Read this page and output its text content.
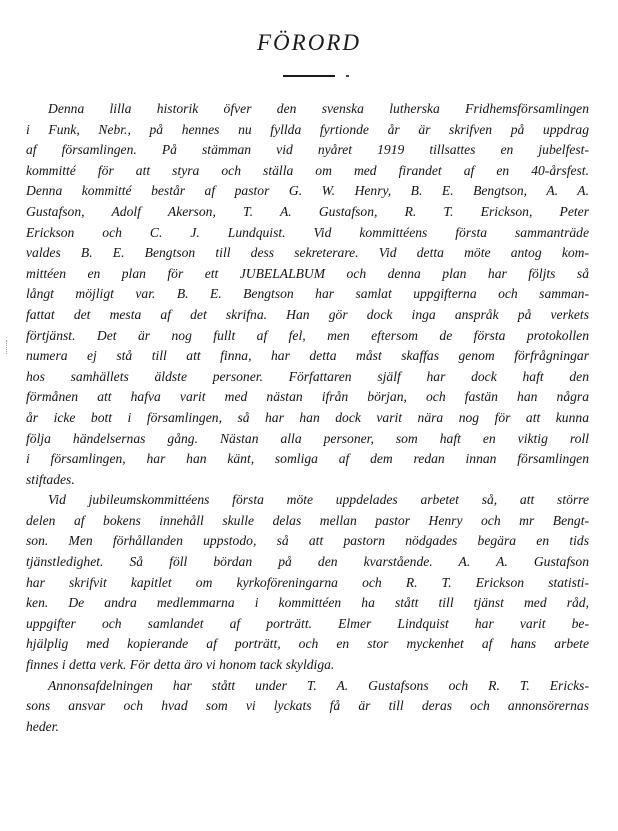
FÖRORD
Denna lilla historik öfver den svenska lutherska Fridhemsförsamlingen
i Funk, Nebr., på hennes nu fyllda fyrtionde år är skrifven på uppdrag
af församlingen. På stämman vid nyåret 1919 tillsattes en jubelfest-
kommitté för att styra och ställa om med firandet af en 40-årsfest.
Denna kommitté består af pastor G. W. Henry, B. E. Bengtson, A. A.
Gustafson, Adolf Akerson, T. A. Gustafson, R. T. Erickson, Peter
Erickson och C. J. Lundquist. Vid kommittéens första sammanträde
valdes B. E. Bengtson till dess sekreterare. Vid detta möte antog kom-
mittéen en plan för ett JUBELALBUM och denna plan har följts så
långt möjligt var. B. E. Bengtson har samlat uppgifterna och samman-
fattat det mesta af det skrifna. Han gör dock inga anspråk på verkets
förtjänst. Det är nog fullt af fel, men eftersom de första protokollen
numera ej stå till att finna, har detta måst skaffas genom förfrågningar
hos samhällets äldste personer. Författaren själf har dock haft den
förmånen att hafva varit med nästan ifrån början, och fastän han några
år icke bott i församlingen, så har han dock varit nära nog för att kunna
följa händelsernas gång. Nästan alla personer, som haft en viktig roll
i församlingen, har han känt, somliga af dem redan innan församlingen
stiftades.
Vid jubileumskommittéens första möte uppdelades arbetet så, att större
delen af bokens innehåll skulle delas mellan pastor Henry och mr Bengt-
son. Men förhållanden uppstodo, så att pastorn nödgades begära en tids
tjänstledighet. Så föll bördan på den kvarstående. A. A. Gustafson
har skrifvit kapitlet om kyrkoföreningarna och R. T. Erickson statisti-
ken. De andra medlemmarna i kommittéen ha stått till tjänst med råd,
uppgifter och samlandet af porträtt. Elmer Lindquist har varit be-
hjälplig med kopierande af porträtt, och en stor myckenhet af hans arbete
finnes i detta verk. För detta äro vi honom tack skyldiga.
Annonsafdelningen har stått under T. A. Gustafsons och R. T. Ericks-
sons ansvar och hvad som vi lyckats få är till deras och annonsörernas
heder.
